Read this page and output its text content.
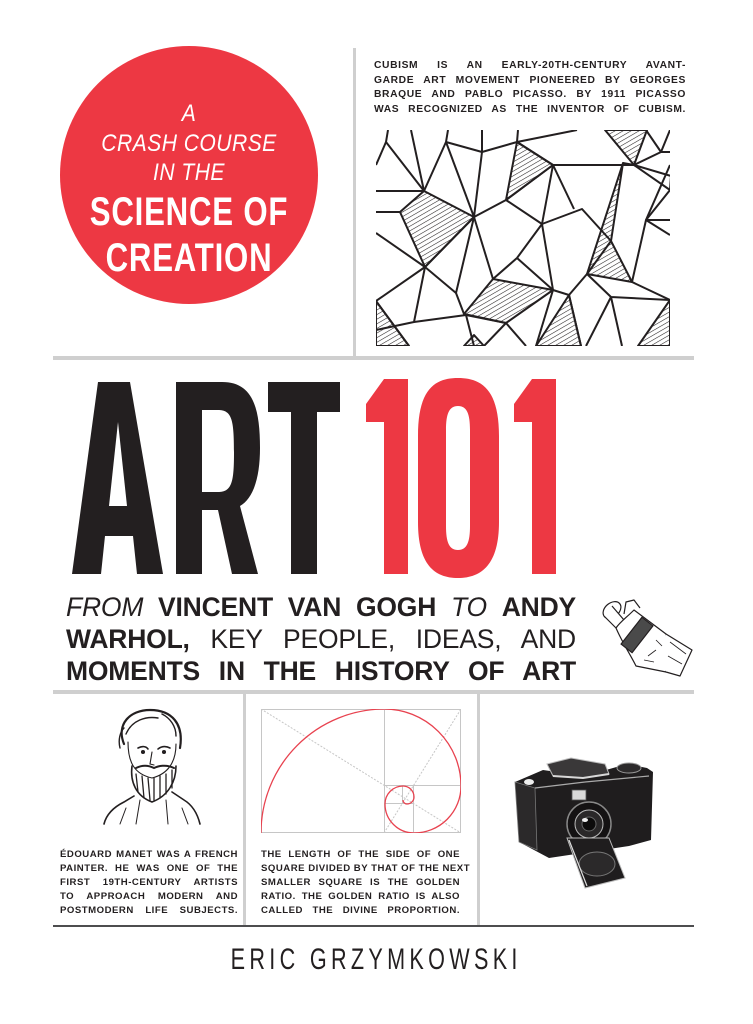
A
CRASH COURSE
IN THE
SCIENCE OF
CREATION
CUBISM IS AN EARLY-20TH-CENTURY AVANT-
GARDE ART MOVEMENT PIONEERED BY GEORGES
BRAQUE AND PABLO PICASSO. BY 1911 PICASSO
WAS RECOGNIZED AS THE INVENTOR OF CUBISM.
FROM VINCENT VAN GOGH TO ANDY
WARHOL, KEY PEOPLE, IDEAS, AND
MOMENTS IN THE HISTORY OF ART
ÉDOUARD MANET WAS A FRENCH
PAINTER. HE WAS ONE OF THE
FIRST 19TH-CENTURY ARTISTS
TO APPROACH MODERN AND
POSTMODERN LIFE SUBJECTS.
THE LENGTH OF THE SIDE OF ONE
SQUARE DIVIDED BY THAT OF THE NEXT
SMALLER SQUARE IS THE GOLDEN
RATIO. THE GOLDEN RATIO IS ALSO
CALLED THE DIVINE PROPORTION.
ERIC GRZYMKOWSKI
